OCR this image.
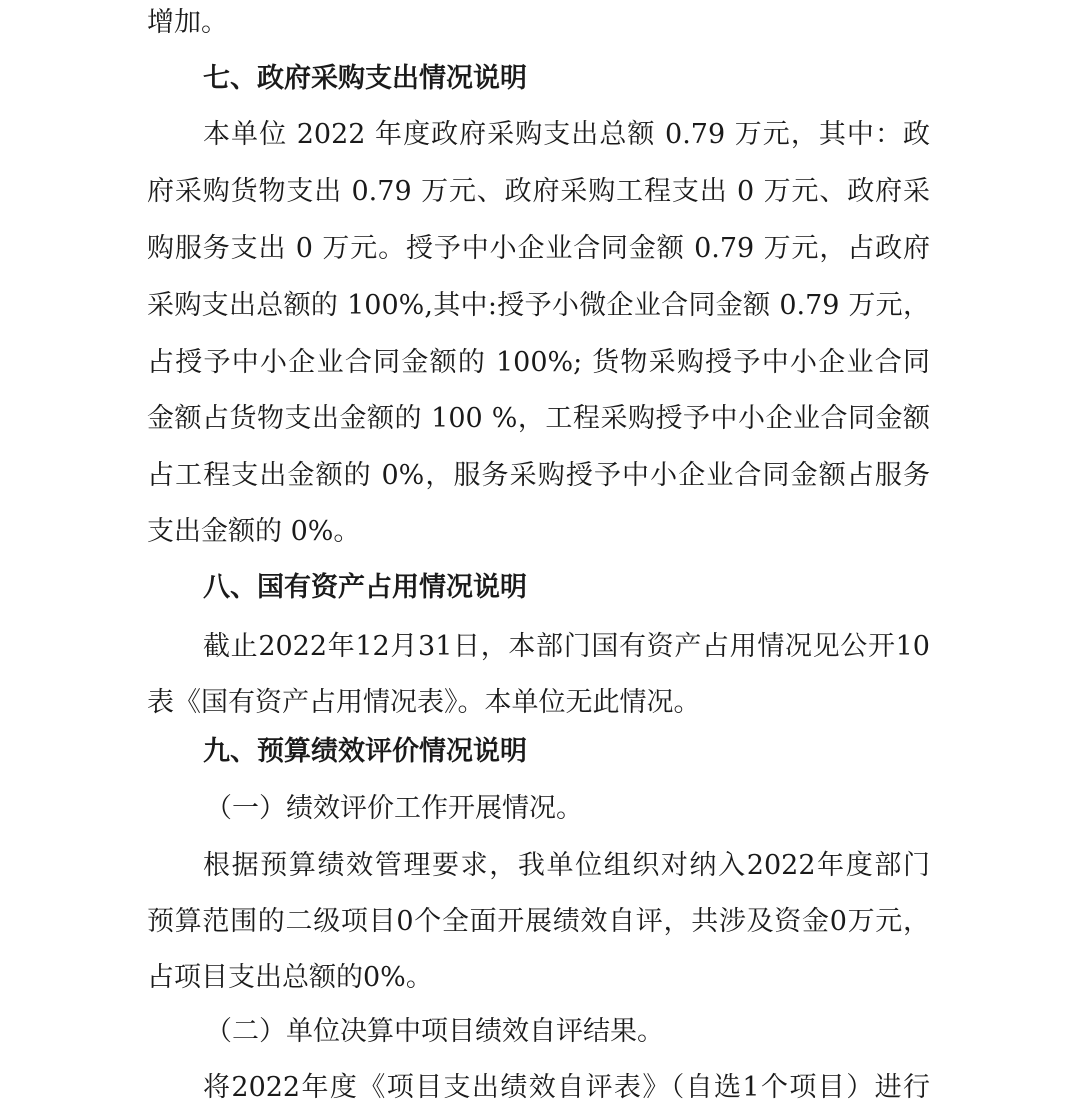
增加。
七、政府采购支出情况说明
本单位 2022 年度政府采购支出总额 0.79 万元，其中：政
府采购货物支出 0.79 万元、政府采购工程支出 0 万元、政府采
购服务支出 0 万元。授予中小企业合同金额 0.79 万元，占政府
采购支出总额的 100%,其中:授予小微企业合同金额 0.79 万元，
占授予中小企业合同金额的 100%; 货物采购授予中小企业合同
金额占货物支出金额的 100 %，工程采购授予中小企业合同金额
占工程支出金额的 0%，服务采购授予中小企业合同金额占服务
支出金额的 0%。
八、国有资产占用情况说明
截止2022年12月31日，本部门国有资产占用情况见公开10
表《国有资产占用情况表》。本单位无此情况。
九、预算绩效评价情况说明
（一）绩效评价工作开展情况。
根据预算绩效管理要求，我单位组织对纳入2022年度部门
预算范围的二级项目0个全面开展绩效自评，共涉及资金0万元，
占项目支出总额的0%。
（二）单位决算中项目绩效自评结果。
将2022年度《项目支出绩效自评表》（自选1个项目）进行
